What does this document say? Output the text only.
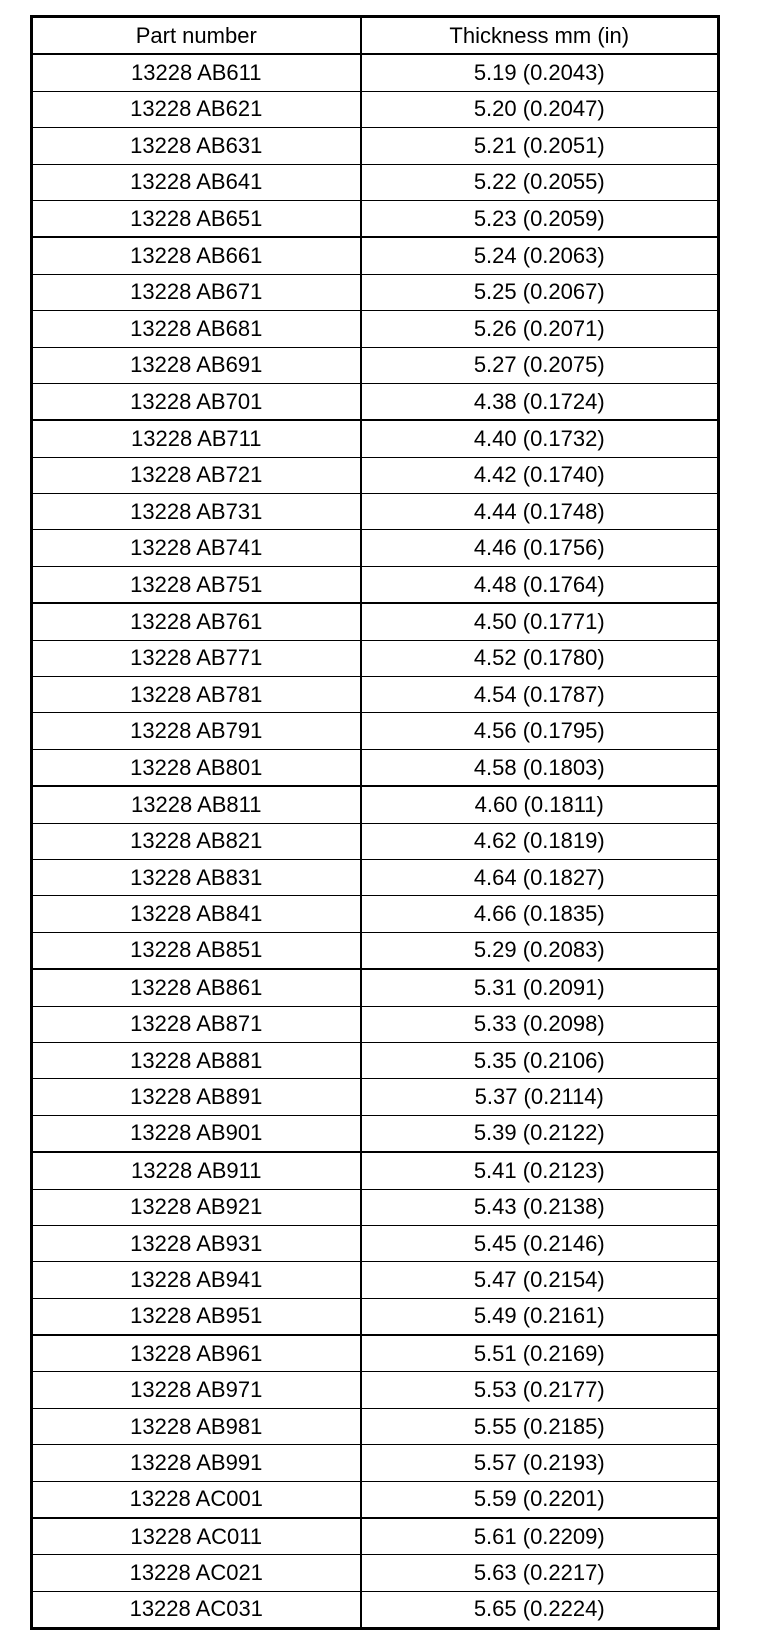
Part number	Thickness mm (in)
13228 AB611	5.19 (0.2043)
13228 AB621	5.20 (0.2047)
13228 AB631	5.21 (0.2051)
13228 AB641	5.22 (0.2055)
13228 AB651	5.23 (0.2059)
13228 AB661	5.24 (0.2063)
13228 AB671	5.25 (0.2067)
13228 AB681	5.26 (0.2071)
13228 AB691	5.27 (0.2075)
13228 AB701	4.38 (0.1724)
13228 AB711	4.40 (0.1732)
13228 AB721	4.42 (0.1740)
13228 AB731	4.44 (0.1748)
13228 AB741	4.46 (0.1756)
13228 AB751	4.48 (0.1764)
13228 AB761	4.50 (0.1771)
13228 AB771	4.52 (0.1780)
13228 AB781	4.54 (0.1787)
13228 AB791	4.56 (0.1795)
13228 AB801	4.58 (0.1803)
13228 AB811	4.60 (0.1811)
13228 AB821	4.62 (0.1819)
13228 AB831	4.64 (0.1827)
13228 AB841	4.66 (0.1835)
13228 AB851	5.29 (0.2083)
13228 AB861	5.31 (0.2091)
13228 AB871	5.33 (0.2098)
13228 AB881	5.35 (0.2106)
13228 AB891	5.37 (0.2114)
13228 AB901	5.39 (0.2122)
13228 AB911	5.41 (0.2123)
13228 AB921	5.43 (0.2138)
13228 AB931	5.45 (0.2146)
13228 AB941	5.47 (0.2154)
13228 AB951	5.49 (0.2161)
13228 AB961	5.51 (0.2169)
13228 AB971	5.53 (0.2177)
13228 AB981	5.55 (0.2185)
13228 AB991	5.57 (0.2193)
13228 AC001	5.59 (0.2201)
13228 AC011	5.61 (0.2209)
13228 AC021	5.63 (0.2217)
13228 AC031	5.65 (0.2224)
